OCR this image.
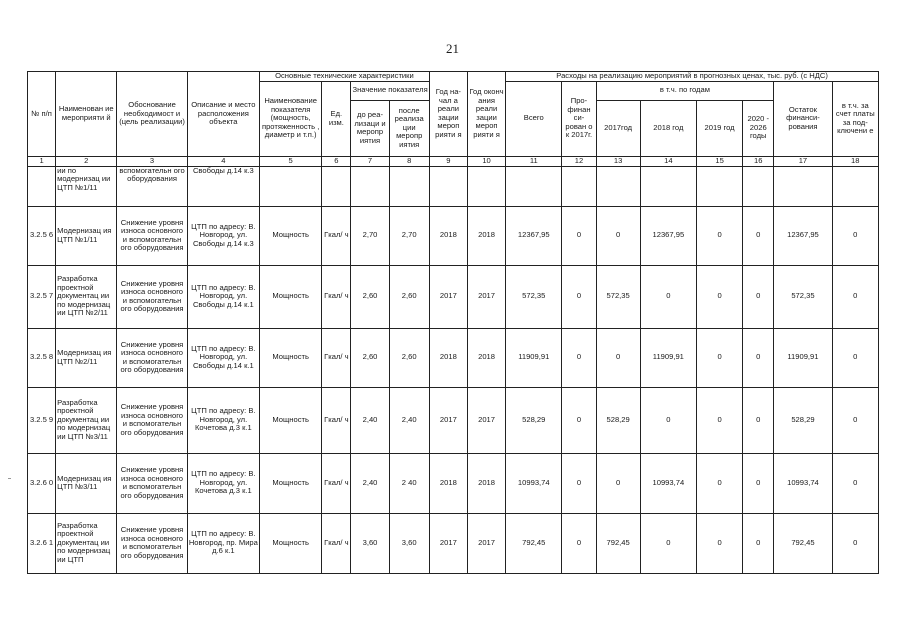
21
№ п/п	Наименован ие мероприяти й	Обоснование необходимост и (цель реализации)	Описание и место расположения объекта	Основные технические характеристики				Год на-чал а реали зации мероп рияти я	Год оконч ания реали зации мероп рияти я	Расходы на реализацию мероприятий в прогнозных ценах, тыс. руб. (с НДС)							
				Наименование показателя (мощность, протяженность , диаметр и т.п.)	Ед. изм.	Значение показателя				Всего	Про- финан си- рован о к 2017г.	в т.ч. по годам				Остаток финанси- рования	в т.ч. за счет платы за под- ключени е
						до реа- лизаци и меропр иятия	после реализа ции меропр иятия					2017год	2018 год	2019 год	2020 - 2026 годы		
1	2	3	4	5	6	7	8	9	10	11	12	13	14	15	16	17	18
	ии по модернизац ии ЦТП №1/11	вспомогательн ого оборудования	Свободы д.14 к.3														
3.2.5 6	Модернизац ия ЦТП №1/11	Снижение уровня износа основного и вспомогательн ого оборудования	ЦТП по адресу: В. Новгород, ул. Свободы д.14 к.3	Мощность	Гкал/ ч	2,70	2,70	2018	2018	12367,95	0	0	12367,95	0	0	12367,95	0
3.2.5 7	Разработка проектной документац ии по модернизац ии ЦТП №2/11	Снижение уровня износа основного и вспомогательн ого оборудования	ЦТП по адресу: В. Новгород, ул. Свободы д.14 к.1	Мощность	Гкал/ ч	2,60	2,60	2017	2017	572,35	0	572,35	0	0	0	572,35	0
3.2.5 8	Модернизац ия ЦТП №2/11	Снижение уровня износа основного и вспомогательн ого оборудования	ЦТП по адресу: В. Новгород, ул. Свободы д.14 к.1	Мощность	Гкал/ ч	2,60	2,60	2018	2018	11909,91	0	0	11909,91	0	0	11909,91	0
3.2.5 9	Разработка проектной документац ии по модернизац ии ЦТП №3/11	Снижение уровня износа основного и вспомогательн ого оборудования	ЦТП по адресу: В. Новгород, ул. Кочетова д.3 к.1	Мощность	Гкал/ ч	2,40	2,40	2017	2017	528,29	0	528,29	0	0	0	528,29	0
3.2.6 0	Модернизац ия ЦТП №3/11	Снижение уровня износа основного и вспомогательн ого оборудования	ЦТП по адресу: В. Новгород, ул. Кочетова д.3 к.1	Мощность	Гкал/ ч	2,40	2 40	2018	2018	10993,74	0	0	10993,74	0	0	10993,74	0
3.2.6 1	Разработка проектной документац ии по модернизац ии ЦТП	Снижение уровня износа основного и вспомогательн ого оборудования	ЦТП по адресу: В. Новгород, пр. Мира д.6 к.1	Мощность	Гкал/ ч	3,60	3,60	2017	2017	792,45	0	792,45	0	0	0	792,45	0
